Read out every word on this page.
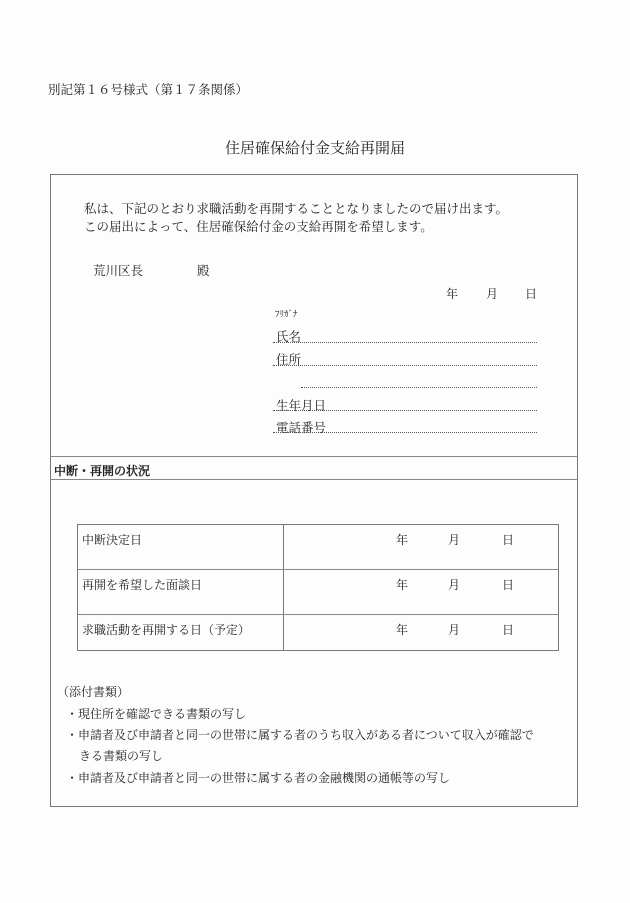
別記第１６号様式（第１７条関係）
住居確保給付金支給再開届
私は、下記のとおり求職活動を再開することとなりましたので届け出ます。
この届出によって、住居確保給付金の支給再開を希望します。
荒川区長	殿
年 月 日
ﾌﾘｶﾞﾅ
氏名
住所
生年月日
電話番号
中断・再開の状況
中断決定日	年	月	日
再開を希望した面談日	年	月	日
求職活動を再開する日（予定）	年	月	日
（添付書類）
・現住所を確認できる書類の写し
・申請者及び申請者と同一の世帯に属する者のうち収入がある者について収入が確認で
きる書類の写し
・申請者及び申請者と同一の世帯に属する者の金融機関の通帳等の写し
